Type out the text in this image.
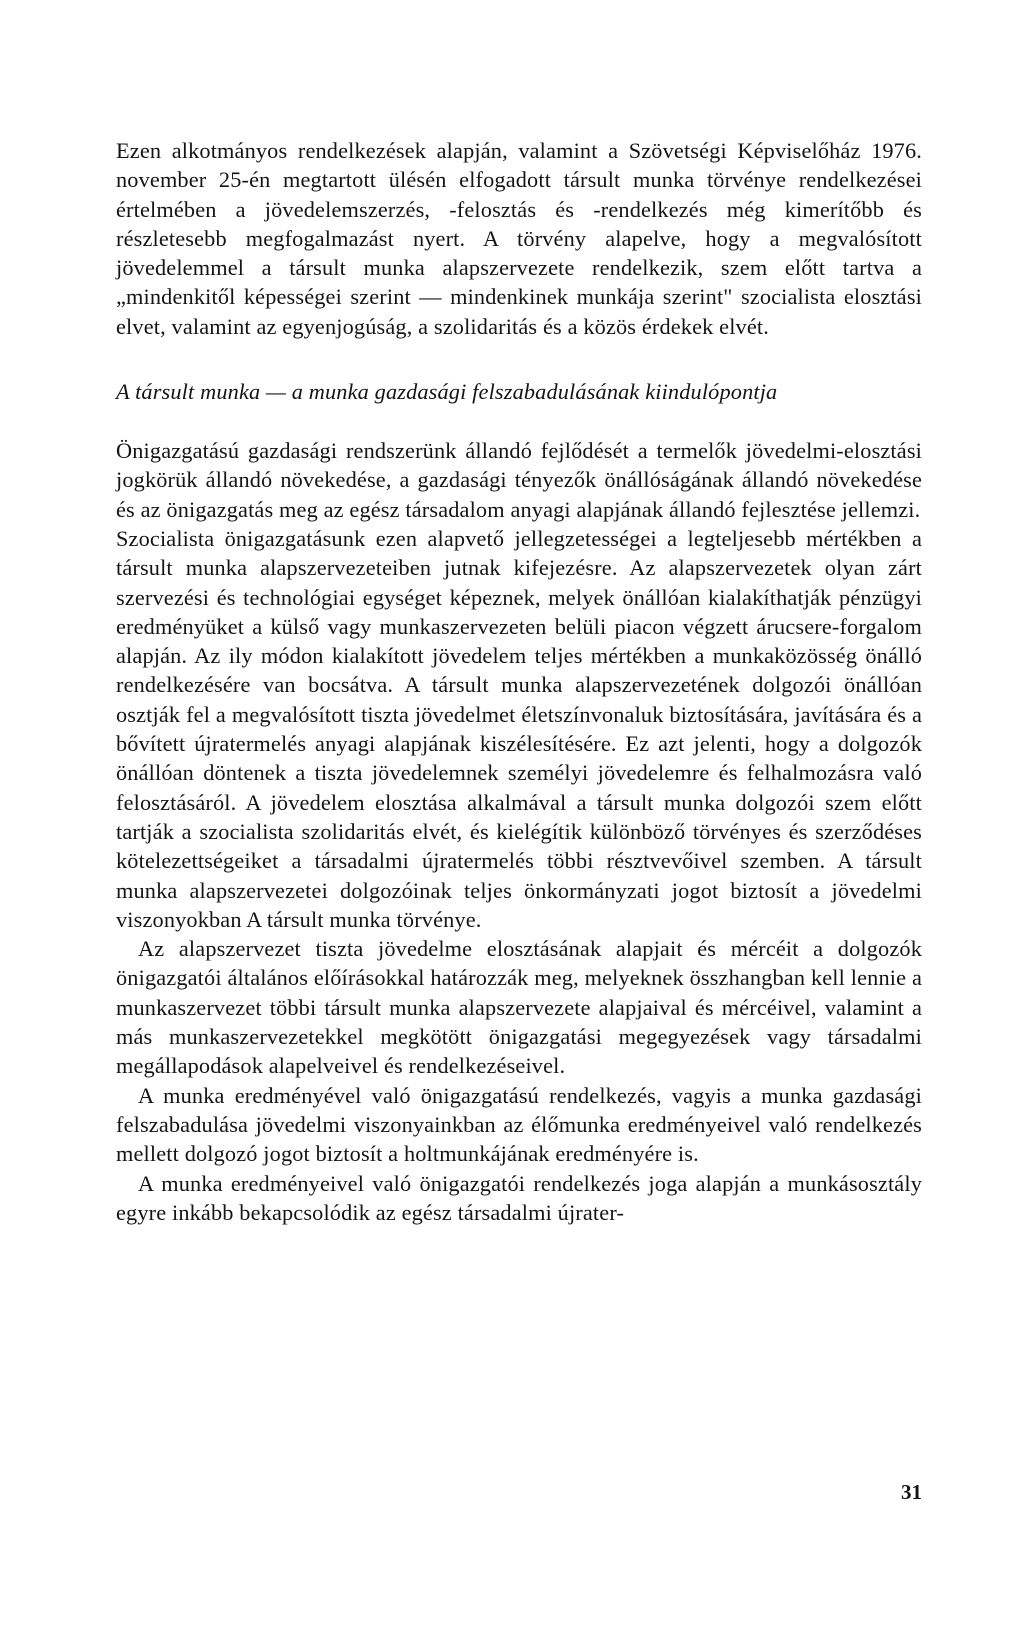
Ezen alkotmányos rendelkezések alapján, valamint a Szövetségi Képviselőház 1976. november 25-én megtartott ülésén elfogadott társult munka törvénye rendelkezései értelmében a jövedelemszerzés, -felosztás és -rendelkezés még kimerítőbb és részletesebb megfogalmazást nyert. A törvény alapelve, hogy a megvalósított jövedelemmel a társult munka alapszervezete rendelkezik, szem előtt tartva a „mindenkitől képességei szerint — mindenkinek munkája szerint" szocialista elosztási elvet, valamint az egyenjogúság, a szolidaritás és a közös érdekek elvét.

A társult munka — a munka gazdasági felszabadulásának kiindulópontja

Önigazgatású gazdasági rendszerünk állandó fejlődését a termelők jövedelmi-elosztási jogkörük állandó növekedése, a gazdasági tényezők önállóságának állandó növekedése és az önigazgatás meg az egész társadalom anyagi alapjának állandó fejlesztése jellemzi.

Szocialista önigazgatásunk ezen alapvető jellegzetességei a legteljesebb mértékben a társult munka alapszervezeteiben jutnak kifejezésre. Az alapszervezetek olyan zárt szervezési és technológiai egységet képeznek, melyek önállóan kialakíthatják pénzügyi eredményüket a külső vagy munkaszervezeten belüli piacon végzett árucsere-forgalom alapján. Az ily módon kialakított jövedelem teljes mértékben a munkaközösség önálló rendelkezésére van bocsátva. A társult munka alapszervezetének dolgozói önállóan osztják fel a megvalósított tiszta jövedelmet életszínvonaluk biztosítására, javítására és a bővített újratermelés anyagi alapjának kiszélesítésére. Ez azt jelenti, hogy a dolgozók önállóan döntenek a tiszta jövedelemnek személyi jövedelemre és felhalmozásra való felosztásáról. A jövedelem elosztása alkalmával a társult munka dolgozói szem előtt tartják a szocialista szolidaritás elvét, és kielégítik különböző törvényes és szerződéses kötelezettségeiket a társadalmi újratermelés többi résztvevőivel szemben. A társult munka alapszervezetei dolgozóinak teljes önkormányzati jogot biztosít a jövedelmi viszonyokban A társult munka törvénye.

Az alapszervezet tiszta jövedelme elosztásának alapjait és mércéit a dolgozók önigazgatói általános előírásokkal határozzák meg, melyeknek összhangban kell lennie a munkaszervezet többi társult munka alapszervezete alapjaival és mércéivel, valamint a más munkaszervezetekkel megkötött önigazgatási megegyezések vagy társadalmi megállapodások alapelveivel és rendelkezéseivel.

A munka eredményével való önigazgatású rendelkezés, vagyis a munka gazdasági felszabadulása jövedelmi viszonyainkban az élőmunka eredményeivel való rendelkezés mellett dolgozó jogot biztosít a holtmunkájának eredményére is.

A munka eredményeivel való önigazgatói rendelkezés joga alapján a munkásosztály egyre inkább bekapcsolódik az egész társadalmi újrater-

31
